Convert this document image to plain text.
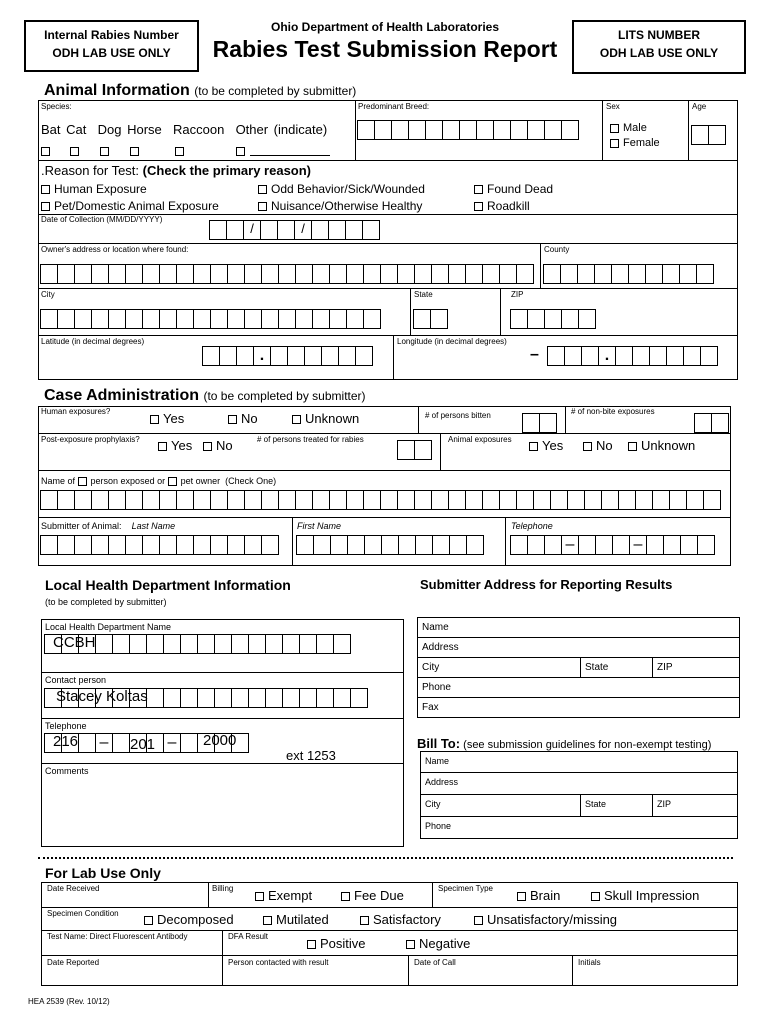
Internal Rabies Number
ODH LAB USE ONLY
Ohio Department of Health Laboratories
Rabies Test Submission Report
LITS NUMBER
ODH LAB USE ONLY
Animal Information (to be completed by submitter)
Species:
Bat Cat Dog Horse Raccoon Other (indicate)
Predominant Breed:	Sex
Male
Female
Age
.Reason for Test: (Check the primary reason)
Human Exposure	Odd Behavior/Sick/Wounded	Found Dead
Pet/Domestic Animal Exposure	Nuisance/Otherwise Healthy	Roadkill
Date of Collection (MM/DD/YYYY)
/	/
Owner's address or location where found:	County
City	State	ZIP
Latitude (in decimal degrees)
.
Longitude (in decimal degrees)
–	.
Case Administration (to be completed by submitter)
Human exposures?	Yes	No	Unknown	# of persons bitten	# of non-bite exposures
Post-exposure prophylaxis?	Yes	No	# of persons treated for rabies	Animal exposures	Yes	No	Unknown
Name of person exposed or pet owner (Check One)
Submitter of Animal: Last Name	First Name	Telephone
–	–
Local Health Department Information
(to be completed by submitter)
Local Health Department Name
CCBH
Contact person
Stacey Koltas
Telephone
–	–
216	201	2000
ext 1253
Comments
Submitter Address for Reporting Results
Name
Address
City	State	ZIP
Phone
Fax
Bill To: (see submission guidelines for non-exempt testing)
Name
Address
City	State	ZIP
Phone
For Lab Use Only
Date Received	Billing	Exempt	Fee Due	Specimen Type	Brain	Skull Impression
Specimen Condition	Decomposed	Mutilated	Satisfactory	Unsatisfactory/missing
Test Name: Direct Fluorescent Antibody	DFA Result	Positive	Negative
Date Reported	Person contacted with result	Date of Call	Initials
HEA 2539 (Rev. 10/12)
